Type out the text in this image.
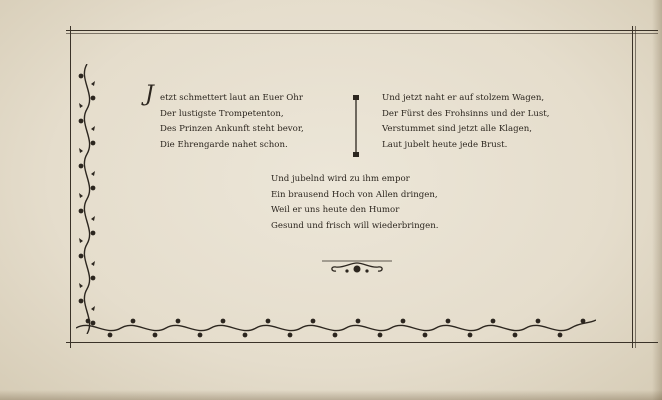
J etzt schmettert laut an Euer Ohr
Der lustigste Trompetenton,
Des Prinzen Ankunft steht bevor,
Die Ehrengarde nahet schon.
Und jetzt naht er auf stolzem Wagen,
Der Fürst des Frohsinns und der Lust,
Verstummet sind jetzt alle Klagen,
Laut jubelt heute jede Brust.
Und jubelnd wird zu ihm empor
Ein brausend Hoch von Allen dringen,
Weil er uns heute den Humor
Gesund und frisch will wiederbringen.
